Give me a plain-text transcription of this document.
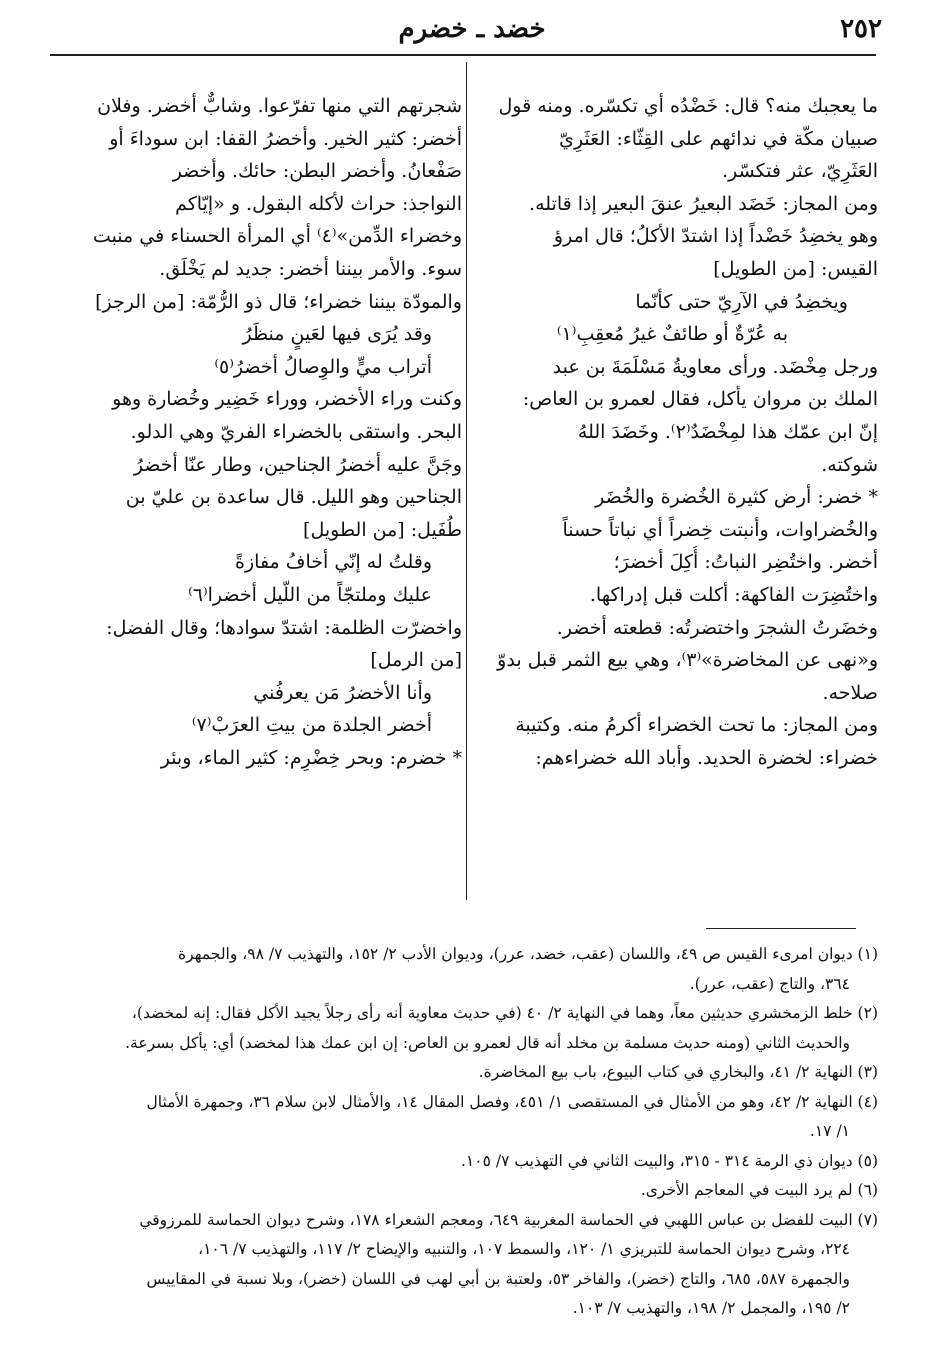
٢٥٢
خضد ـ خضرم
ما يعجبك منه؟ قال: خَضْدُه أي تكسّره. ومنه قول
صبيان مكّة في ندائهم على القِثّاء: العَثَرِيّ
العَثَرِيّ، عثر فتكسّر.
ومن المجاز: خَضَد البعيرُ عنقَ البعير إذا قاتله.
وهو يخضِدُ خَضْداً إذا اشتدّ الأكلُ؛ قال امرؤ
القيس: [من الطويل]
ويخضِدُ في الآرِيّ حتى كأنّما
به عُرّةٌ أو طائفٌ غيرُ مُعقِبِ⁽١⁾
ورجل مِخْضَد. ورأى معاويةُ مَسْلَمَةَ بن عبد
الملك بن مروان يأكل، فقال لعمرو بن العاص:
إنّ ابن عمّك هذا لمِخْضَدٌ⁽٢⁾. وخَضَدَ اللهُ
شوكته.
* خضر: أرض كثيرة الخُضرة والخُضَر
والخُضراوات، وأنبتت خِضراً أي نباتاً حسناً
أخضر. واختُضِر النباتُ: أُكِلَ أخضرَ؛
واختُضِرَت الفاكهة: أكلت قبل إدراكها.
وخضَرتُ الشجرَ واختضرتُه: قطعته أخضر.
و«نهى عن المخاضرة»⁽٣⁾، وهي بيع الثمر قبل بدوّ
صلاحه.
ومن المجاز: ما تحت الخضراء أكرمُ منه. وكتيبة
خضراء: لخضرة الحديد. وأباد الله خضراءهم:
شجرتهم التي منها تفرّعوا. وشابٌّ أخضر. وفلان
أخضر: كثير الخير. وأخضرُ القفا: ابن سوداءَ أو
صَفْعانُ. وأخضر البطن: حائك. وأخضر
النواجذ: حراث لأكله البقول. و «إيّاكم
وخضراء الدِّمن»⁽٤⁾ أي المرأة الحسناء في منبت
سوء. والأمر بيننا أخضر: جديد لم يَخْلَق.
والمودّة بيننا خضراء؛ قال ذو الرُّمّة: [من الرجز]
وقد يُرَى فيها لعَينٍ منظَرُ
أتراب ميٍّ والوِصالُ أخضرُ⁽٥⁾
وكنت وراء الأخضر، ووراء خَضِير وخُضارة وهو
البحر. واستقى بالخضراء الفريّ وهي الدلو.
وجَنَّ عليه أخضرُ الجناحين، وطار عنّا أخضرُ
الجناحين وهو الليل. قال ساعدة بن عليّ بن
طُفَيل: [من الطويل]
وقلتُ له إنّي أخافُ مفازةً
عليك وملتجّاً من اللّيل أخضرا⁽٦⁾
واخضرّت الظلمة: اشتدّ سوادها؛ وقال الفضل:
[من الرمل]
وأنا الأخضرُ مَن يعرفُني
أخضر الجلدة من بيتِ العرَبْ⁽٧⁾
* خضرم: وبحر خِضْرِم: كثير الماء، وبئر
(١) ديوان امرىء القيس ص ٤٩، واللسان (عقب، خضد، عرر)، وديوان الأدب ٢/ ١٥٢، والتهذيب ٧/ ٩٨، والجمهرة
٣٦٤، والتاج (عقب، عرر).
(٢) خلط الزمخشري حديثين معاً، وهما في النهاية ٢/ ٤٠ (في حديث معاوية أنه رأى رجلاً يجيد الأكل فقال: إنه لمخضد)،
والحديث الثاني (ومنه حديث مسلمة بن مخلد أنه قال لعمرو بن العاص: إن ابن عمك هذا لمخضد) أي: يأكل بسرعة.
(٣) النهاية ٢/ ٤١، والبخاري في كتاب البيوع، باب بيع المخاضرة.
(٤) النهاية ٢/ ٤٢، وهو من الأمثال في المستقصى ١/ ٤٥١، وفصل المقال ١٤، والأمثال لابن سلام ٣٦، وجمهرة الأمثال
١/ ١٧.
(٥) ديوان ذي الرمة ٣١٤ - ٣١٥، والبيت الثاني في التهذيب ٧/ ١٠٥.
(٦) لم يرد البيت في المعاجم الأخرى.
(٧) البيت للفضل بن عباس اللهبي في الحماسة المغربية ٦٤٩، ومعجم الشعراء ١٧٨، وشرح ديوان الحماسة للمرزوقي
٢٢٤، وشرح ديوان الحماسة للتبريزي ١/ ١٢٠، والسمط ١٠٧، والتنبيه والإيضاح ٢/ ١١٧، والتهذيب ٧/ ١٠٦،
والجمهرة ٥٨٧، ٦٨٥، والتاج (خضر)، والفاخر ٥٣، ولعتبة بن أبي لهب في اللسان (خضر)، وبلا نسبة في المقاييس
٢/ ١٩٥، والمجمل ٢/ ١٩٨، والتهذيب ٧/ ١٠٣.
